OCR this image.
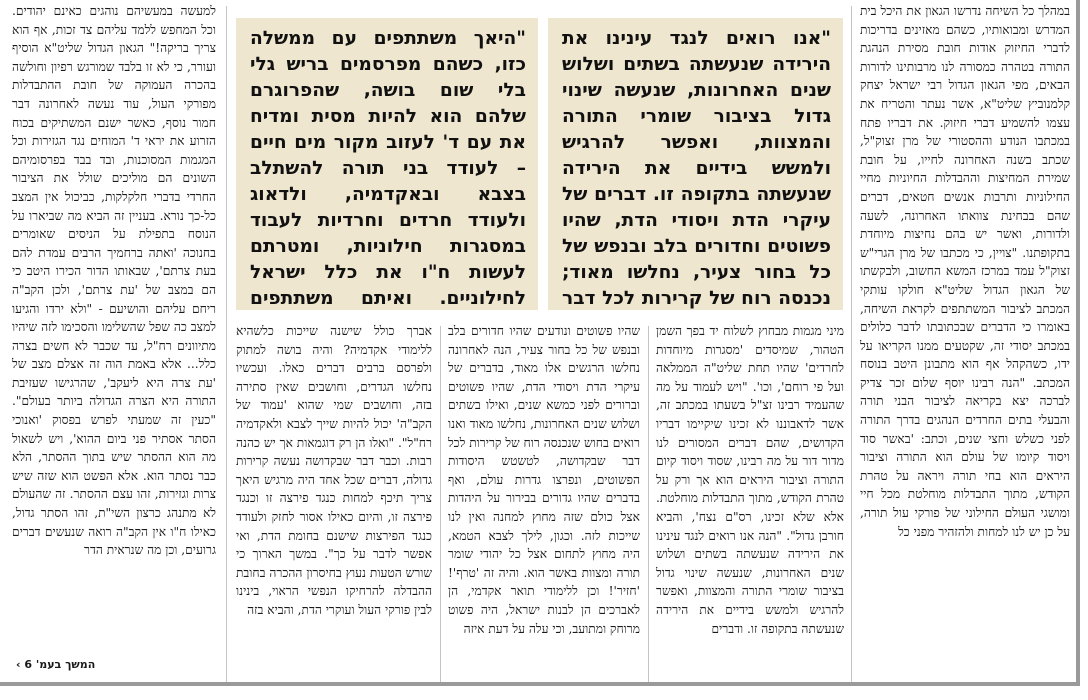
במהלך כל השיחה נדרשו הגאון את היכל בית המדרש ומבואותיו, כשהם מאזינים בדריכות לדברי החיזוק אודות חובת מסירת הנהגת התורה בטהרה כמסורה לנו מרבותינו לדורות הבאים, מפי הגאון הגדול רבי ישראל יצחק קלמנוביץ שליט"א, אשר נעתר והטריח את עצמו להשמיע דברי חיזוק. את דבריו פתח במכתבו הנודע וההסטורי של מרן זצוק"ל, שכתב בשנה האחרונה לחייו, על חובת שמירת המחיצות וההבדלות החיוניות מחיי החילוניות ותרבות אנשים חטאים, דברים שהם בבחינת צוואתו האחרונה, לשעה ולדורות, ואשר יש בהם נחיצות מיוחדת בתקופתנו. "צויין, כי מכתבו של מרן הגרי"ש זצוק"ל עמד במרכז המשא החשוב, ולבקשתו של הגאון הגדול שליט"א חולקו עותקי המכתב לציבור המשתתפים לקראת השיחה, באומרו כי הדברים שבכתובתו לדבר כלולים במכתב יסודי זה, שקטעים ממנו הקריאו על ידו, כשהקהל אף הוא מתבונן היטב בנוסח המכתב. "הנה רבינו יוסף שלום זכר צדיק לברכה יצא בקריאה לציבור הבני תורה והבעלי בתים החרדים הנהגים בדרך התורה לפני כשלש וחצי שנים, וכתב: 'באשר סוד ויסוד קיומו של עולם הוא התורה וציבור היראים הוא בחי תורה ויראה על טהרת הקודש, מתוך התבדלות מוחלטת מכל חיי ומושגי העולם החילוני של פורקי עול תורה, על כן יש לנו למחות ולהזהיר מפני כל

"אנו רואים לנגד עינינו את הירידה שנעשתה בשתים ושלוש שנים האחרונות, שנעשה שינוי גדול בציבור שומרי התורה והמצוות, ואפשר להרגיש ולמשש בידיים את הירידה שנעשתה בתקופה זו. דברים של עיקרי הדת ויסודי הדת, שהיו פשוטים וחדורים בלב ובנפש של כל בחור צעיר, נחלשו מאוד; נכנסה רוח של קרירות לכל דבר
"היאך משתתפים עם ממשלה כזו, כשהם מפרסמים בריש גלי בלי שום בושה, שהפרוגרם שלהם הוא להיות מסית ומדיח את עם ד' לעזוב מקור מים חיים – לעודד בני תורה להשתלב בצבא ובאקדמיה, ולדאוג ולעודד חרדים וחרדיות לעבוד במסגרות חילוניות, ומטרתם לעשות ח"ו את כלל ישראל לחילוניים. ואיתם משתתפים

מיני מגמות מבחוץ לשלוח יד בפך השמן הטהור, שמיסדים 'מסגרות מיוחדות לחרדים' שהיו תחת שליט"ה הממלאה ועל פי רוחם', וכו'. "ויש לעמוד על מה שהעמיד רבינו זצ"ל בשעתו במכתב זה, אשר לדאבוננו לא זכינו שיקיימו דבריו הקדושים, שהם דברים המסורים לנו מדור דור על מה רבינו, שסוד ויסוד קיום התורה וציבור היראים הוא אך ורק על טהרת הקודש, מתוך התבדלות מוחלטת. אלא שלא זכינו, רס"ם נצח', והביא חורבן גדול". "הנה אנו רואים לנגד עינינו את הירידה שנעשתה בשתים ושלוש שנים האחרונות, שנעשה שינוי גדול בציבור שומרי התורה והמצוות, ואפשר להרגיש ולמשש בידיים את הירידה שנעשתה בתקופה זו. ודברים

שהיו פשוטים ונודעים שהיו חדורים בלב ובנפש של כל בחור צעיר, הנה לאחרונה נחלשו הרגשים אלו מאוד, בדברים של עיקרי הדת ויסודי הדת, שהיו פשוטים וברורים לפני כמשא שנים, ואילו בשתים ושלוש שנים האחרונות, נחלשו מאוד ואנו רואים בחוש שנכנסה רוח של קרירות לכל דבר שבקדושה, לטשטש היסודות הפשוטים, ונפרצו גדרות עולם, ואף בדברים שהיו גדורים בבירור על היהדות אצל כולם שזה מחוץ למחנה ואין לנו שייכות לזה. וכגון, לילך לצבא הטמא, היה מחוץ לתחום אצל כל יהודי שומר תורה ומצוות באשר הוא. והיה זה 'טרף'! 'חזיר'! וכן ללימודי תואר אקדמי, הן לאברכים הן לבנות ישראל, היה פשוט מרוחק ומתועב, וכי עלה על דעת איזה

אברך כולל שישנה שייכות כלשהיא ללימודי אקדמיה? והיה בושה למתוק ולפרסם ברבים דברים כאלו. ועכשיו נחלשו הגדרים, וחושבים שאין סתירה בזה, וחושבים שמי שהוא 'עמוד של הקב"ה' יכול להיות שייך לצבא ולאקדמיה רח"ל". "ואלו הן רק דוגמאות אך יש כהנה רבות. וכבר דבר שבקדושה נעשה קרירות גדולה, דברים שכל אחד היה מרגיש היאך צריך תיכף למחות כנגד פירצה זו וכנגד פירצה זו, והיום כאילו אסור לחזק ולעודד כנגד הפירצות שישנם בחומת הדת, ואי אפשר לדבר על כך". במשך הארוך כי שורש הטעות נעוץ בחיסרון ההכרה בחובת ההבדלה להרחיקו הנפשי הראוי, בינינו לבין פורקי העול ועוקרי הדת, והביא בזה

למעשה במעשיהם נוהגים כאינם יהודים. וכל המחפש ללמד עליהם צד זכות, אף הוא צריך בריקה!" הגאון הגדול שליט"א הוסיף ועורר, כי לא זו בלבד שמורגש רפיון וחולשה בהכרה העמוקה של חובת ההתבדלות מפורקי העול, עוד נעשה לאחרונה דבר חמור נוסף, כאשר ישנם המשתיקים בכוח הזרוע את יראי ד' המוחים נגד הגזירות וכל המגמות המסוכנות, ובד בבד בפרסומיהם השונים הם מוליכים שולל את הציבור החרדי בדברי חלקלקות, כביכול אין המצב כל-כך נורא. בעניין זה הביא מה שביארו על הנוסח בתפילת על הניסים שאומרים בחנוכה 'ואתה ברחמיך הרבים עמדת להם בעת צרתם', שבאותו הדור הכירו היטב כי הם במצב של 'עת צרתם', ולכן הקב"ה ריחם עליהם והושיעם - "ולא ירדו והגיעו למצב כה שפל שהשלימו והסכימו לזה שיהיו מתיוונים רח"ל, עד שכבר לא חשים בצרה כלל... אלא באמת הוה זה אצלם מצב של 'עת צרה היא ליעקב', שהרגישו שעזיבת התורה היא הצרה הגדולה ביותר בעולם". "כעין זה שמעתי לפרש בפסוק 'ואנוכי הסתר אסתיר פני ביום ההוא', ויש לשאול מה הוא ההסתר שיש בתוך ההסתר, הלא כבר נסתר הוא. אלא הפשט הוא שזה שיש צרות וגזירות, זהו עצם ההסתר. זה שהעולם לא מתנהג כרצון השי"ת, זהו הסתר גדול, כאילו ח"ו אין הקב"ה רואה שנעשים דברים גרועים, וכן מה שנראית הדר

המשך בעמ' 6 ›
